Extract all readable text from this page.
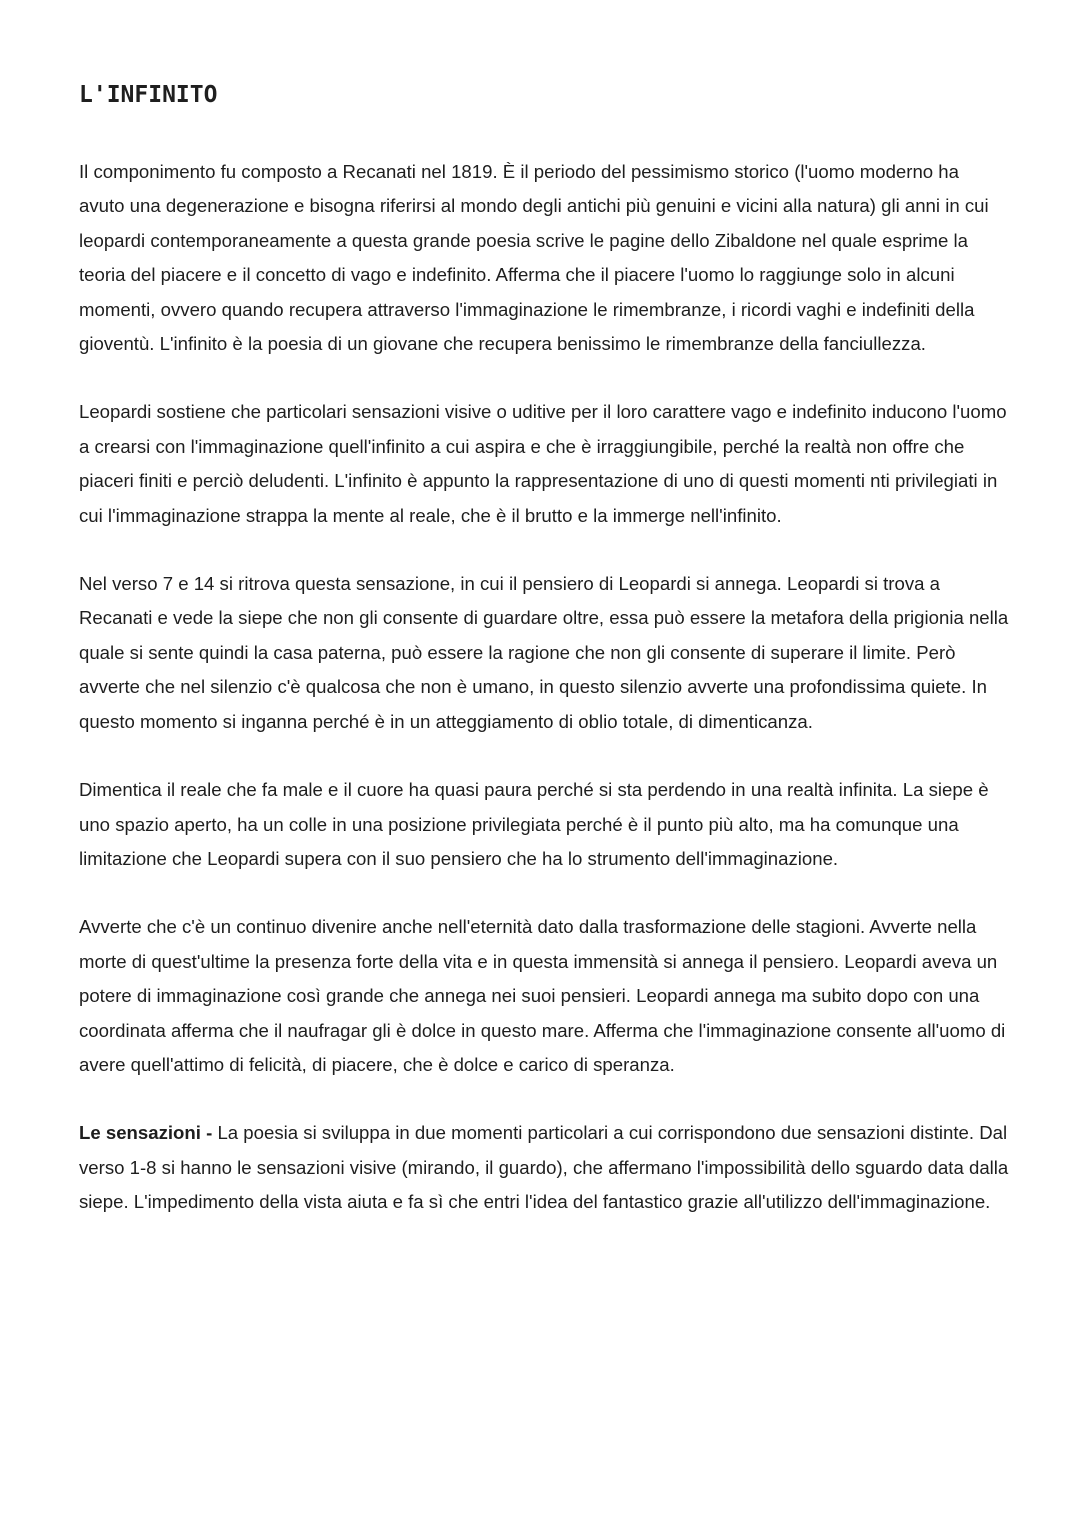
L'INFINITO

Il componimento fu composto a Recanati nel 1819. È il periodo del pessimismo storico (l'uomo moderno ha avuto una degenerazione e bisogna riferirsi al mondo degli antichi più genuini e vicini alla natura) gli anni in cui leopardi contemporaneamente a questa grande poesia scrive le pagine dello Zibaldone nel quale esprime la teoria del piacere e il concetto di vago e indefinito. Afferma che il piacere l'uomo lo raggiunge solo in alcuni momenti, ovvero quando recupera attraverso l'immaginazione le rimembranze, i ricordi vaghi e indefiniti della gioventù. L'infinito è la poesia di un giovane che recupera benissimo le rimembranze della fanciullezza.

Leopardi sostiene che particolari sensazioni visive o uditive per il loro carattere vago e indefinito inducono l'uomo a crearsi con l'immaginazione quell'infinito a cui aspira e che è irraggiungibile, perché la realtà non offre che piaceri finiti e perciò deludenti. L'infinito è appunto la rappresentazione di uno di questi momenti nti privilegiati in cui l'immaginazione strappa la mente al reale, che è il brutto e la immerge nell'infinito.

Nel verso 7 e 14 si ritrova questa sensazione, in cui il pensiero di Leopardi si annega. Leopardi si trova a Recanati e vede la siepe che non gli consente di guardare oltre, essa può essere la metafora della prigionia nella quale si sente quindi la casa paterna, può essere la ragione che non gli consente di superare il limite. Però avverte che nel silenzio c'è qualcosa che non è umano, in questo silenzio avverte una profondissima quiete. In questo momento si inganna perché è in un atteggiamento di oblio totale, di dimenticanza.

Dimentica il reale che fa male e il cuore ha quasi paura perché si sta perdendo in una realtà infinita. La siepe è uno spazio aperto, ha un colle in una posizione privilegiata perché è il punto più alto, ma ha comunque una limitazione che Leopardi supera con il suo pensiero che ha lo strumento dell'immaginazione.

Avverte che c'è un continuo divenire anche nell'eternità dato dalla trasformazione delle stagioni. Avverte nella morte di quest'ultime la presenza forte della vita e in questa immensità si annega il pensiero. Leopardi aveva un potere di immaginazione così grande che annega nei suoi pensieri. Leopardi annega ma subito dopo con una coordinata afferma che il naufragar gli è dolce in questo mare. Afferma che l'immaginazione consente all'uomo di avere quell'attimo di felicità, di piacere, che è dolce e carico di speranza.

Le sensazioni - La poesia si sviluppa in due momenti particolari a cui corrispondono due sensazioni distinte. Dal verso 1-8 si hanno le sensazioni visive (mirando, il guardo), che affermano l'impossibilità dello sguardo data dalla siepe. L'impedimento della vista aiuta e fa sì che entri l'idea del fantastico grazie all'utilizzo dell'immaginazione.
